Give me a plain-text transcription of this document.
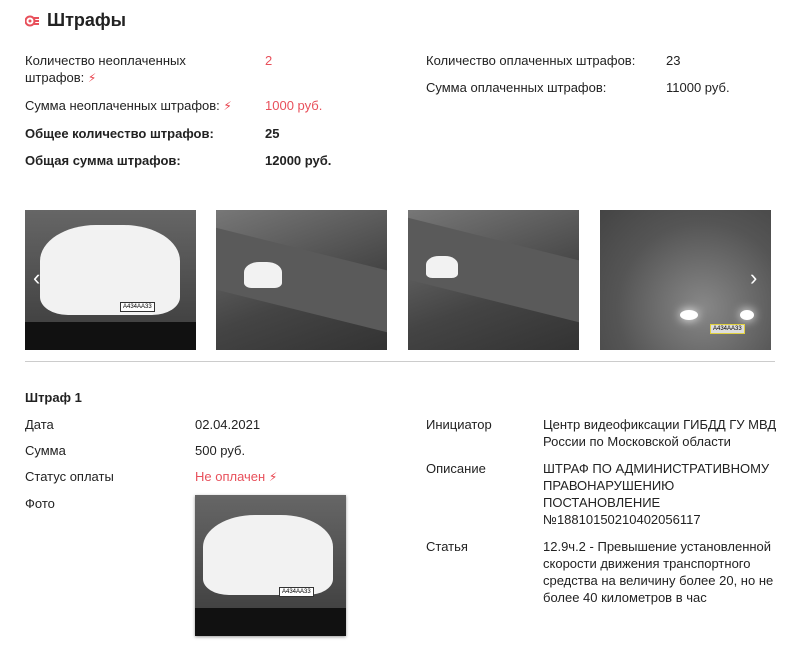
Штрафы
Количество неоплаченных штрафов: ⚡
2
Сумма неоплаченных штрафов: ⚡	1000 руб.
Общее количество штрафов:	25
Общая сумма штрафов:	12000 руб.
Количество оплаченных штрафов:	23
Сумма оплаченных штрафов:	11000 руб.
А434АА33
А434АА33
‹	›
Штраф 1
Дата	02.04.2021
Сумма	500 руб.
Статус оплаты	Не оплачен ⚡
Фото
А434АА33
Инициатор	Центр видеофиксации ГИБДД ГУ МВД России по Московской области
Описание	ШТРАФ ПО АДМИНИСТРАТИВНОМУ ПРАВОНАРУШЕНИЮ ПОСТАНОВЛЕНИЕ №18810150210402056117
Статья	12.9ч.2 - Превышение установленной скорости движения транспортного средства на величину более 20, но не более 40 километров в час
